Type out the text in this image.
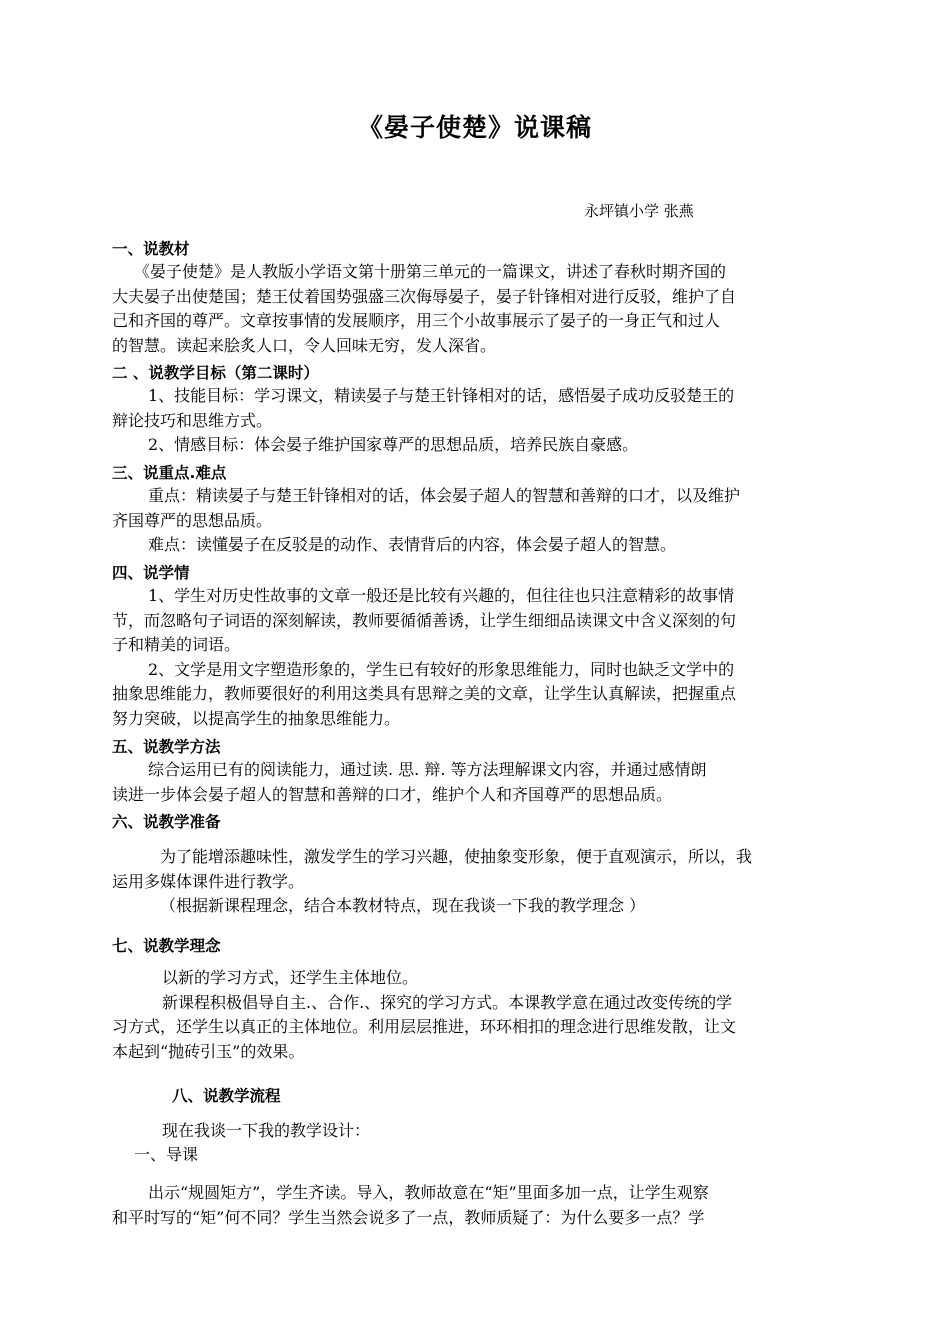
《晏子使楚》说课稿
永坪镇小学 张燕
一、说教材
《晏子使楚》是人教版小学语文第十册第三单元的一篇课文，讲述了春秋时期齐国的
大夫晏子出使楚国；楚王仗着国势强盛三次侮辱晏子，晏子针锋相对进行反驳，维护了自
己和齐国的尊严。文章按事情的发展顺序，用三个小故事展示了晏子的一身正气和过人
的智慧。读起来脍炙人口，令人回味无穷，发人深省。
二 、说教学目标（第二课时）
1、技能目标：学习课文，精读晏子与楚王针锋相对的话，感悟晏子成功反驳楚王的
辩论技巧和思维方式。
2、情感目标：体会晏子维护国家尊严的思想品质，培养民族自豪感。
三、说重点.难点
重点：精读晏子与楚王针锋相对的话，体会晏子超人的智慧和善辩的口才，以及维护
齐国尊严的思想品质。
难点：读懂晏子在反驳是的动作、表情背后的内容，体会晏子超人的智慧。
四、说学情
1、学生对历史性故事的文章一般还是比较有兴趣的，但往往也只注意精彩的故事情
节，而忽略句子词语的深刻解读，教师要循循善诱，让学生细细品读课文中含义深刻的句
子和精美的词语。
2、文学是用文字塑造形象的，学生已有较好的形象思维能力，同时也缺乏文学中的
抽象思维能力，教师要很好的利用这类具有思辩之美的文章，让学生认真解读，把握重点
努力突破，以提高学生的抽象思维能力。
五、说教学方法
综合运用已有的阅读能力，通过读. 思. 辩. 等方法理解课文内容，并通过感情朗
读进一步体会晏子超人的智慧和善辩的口才，维护个人和齐国尊严的思想品质。
六、说教学准备
为了能增添趣味性，激发学生的学习兴趣，使抽象变形象，便于直观演示，所以，我
运用多媒体课件进行教学。
（根据新课程理念，结合本教材特点，现在我谈一下我的教学理念 ）
七、说教学理念
以新的学习方式，还学生主体地位。
新课程积极倡导自主.、合作.、探究的学习方式。本课教学意在通过改变传统的学
习方式，还学生以真正的主体地位。利用层层推进，环环相扣的理念进行思维发散，让文
本起到“抛砖引玉”的效果。
八、说教学流程
现在我谈一下我的教学设计：
一、导课
出示“规圆矩方”，学生齐读。导入，教师故意在“矩”里面多加一点，让学生观察
和平时写的“矩”何不同？学生当然会说多了一点，教师质疑了：为什么要多一点？学
